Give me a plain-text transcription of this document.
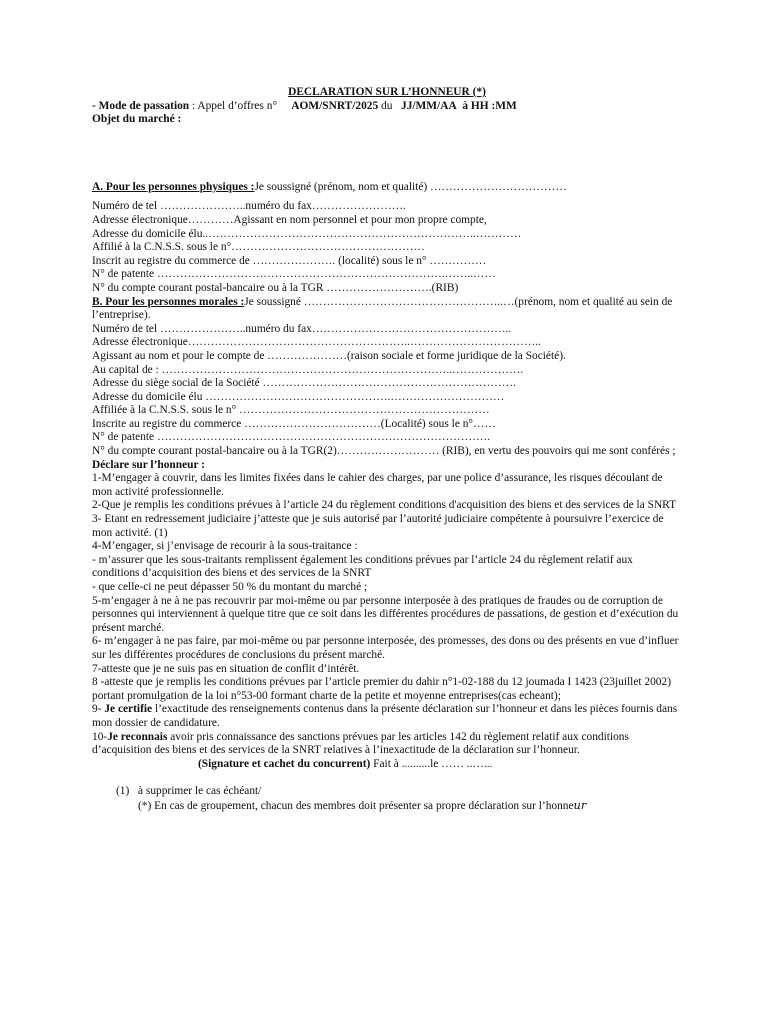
DECLARATION SUR L’HONNEUR (*)

- Mode de passation : Appel d’offres n°     AOM/SNRT/2025 du   JJ/MM/AA à HH :MM

Objet du marché :

A. Pour les personnes physiques :Je soussigné (prénom, nom et qualité) ………………………………

Numéro de tel …………………..numéro du fax…………………….

Adresse électronique…………Agissant en nom personnel et pour mon propre compte,

Adresse du domicile élu..……………………………………………………………..…………

Affilié à la C.N.S.S. sous le n°……………………………………………

Inscrit au registre du commerce de …………………. (localité) sous le n° ……………

N° de patente ………………………………………………………………….……..……

N° du compte courant postal-bancaire ou à la TGR ……………………….(RIB)

B. Pour les personnes morales :Je soussigné ……………………………………………..…(prénom, nom et qualité au sein de l’entreprise).

Numéro de tel …………………..numéro du fax……………………………………………..

Adresse électronique…………………………………………………..……………………………..

Agissant au nom et pour le compte de …………………(raison sociale et forme juridique de la Société).

Au capital de : …………………………………………………………………..……………….

Adresse du siège social de la Société ………………………………………………………….

Adresse du domicile élu ………………………………………….…………………………

Affiliée à la C.N.S.S. sous le n° …………………………………………………………

Inscrite au registre du commerce ………………………………(Localité) sous le n°……

N° de patente …………………………………………………………………………….

N° du compte courant postal-bancaire ou à la TGR(2)……………………… (RIB), en vertu des pouvoirs qui me sont conférés ;

Déclare sur l’honneur :

1-M’engager à couvrir, dans les limites fixées dans le cahier des charges, par une police d’assurance, les risques découlant de mon activité professionnelle.

2-Que je remplis les conditions prévues à l’article 24 du règlement conditions d'acquisition des biens et des services de la SNRT

3- Etant en redressement judiciaire j’atteste que je suis autorisé par l’autorité judiciaire compétente à poursuivre l’exercice de mon activité. (1)

4-M’engager, si j’envisage de recourir à la sous-traitance :

- m’assurer que les sous-traitants remplissent également les conditions prévues par l’article 24 du règlement relatif aux conditions d’acquisition des biens et des services de la SNRT

- que celle-ci ne peut dépasser 50 % du montant du marché ;

5-m’engager à ne à ne pas recouvrir par moi-même ou par personne interposée à des pratiques de fraudes ou de corruption de personnes qui interviennent à quelque titre que ce soit dans les différentes procédures de passations, de gestion et d’exécution du présent marché.

6- m’engager à ne pas faire, par moi-même ou par personne interposée, des promesses, des dons ou des présents en vue d’influer sur les différentes procédures de conclusions du présent marché.

7-atteste que je ne suis pas en situation de conflit d’intérêt.

8 -atteste que je remplis les conditions prévues par l’article premier du dahir n°1-02-188 du 12 joumada I 1423 (23juillet 2002) portant promulgation de la loi n°53-00 formant charte de la petite et moyenne entreprises(cas echeant);

9- Je certifie l’exactitude des renseignements contenus dans la présente déclaration sur l’honneur et dans les pièces fournis dans mon dossier de candidature.

10-Je reconnais avoir pris connaissance des sanctions prévues par les articles 142 du règlement relatif aux conditions d’acquisition des biens et des services de la SNRT relatives à l’inexactitude de la déclaration sur l’honneur.

(Signature et cachet du concurrent) Fait à ..........le …… ..…...

(1) à supprimer le cas échéant/

(*) En cas de groupement, chacun des membres doit présenter sa propre déclaration sur l’honneur
